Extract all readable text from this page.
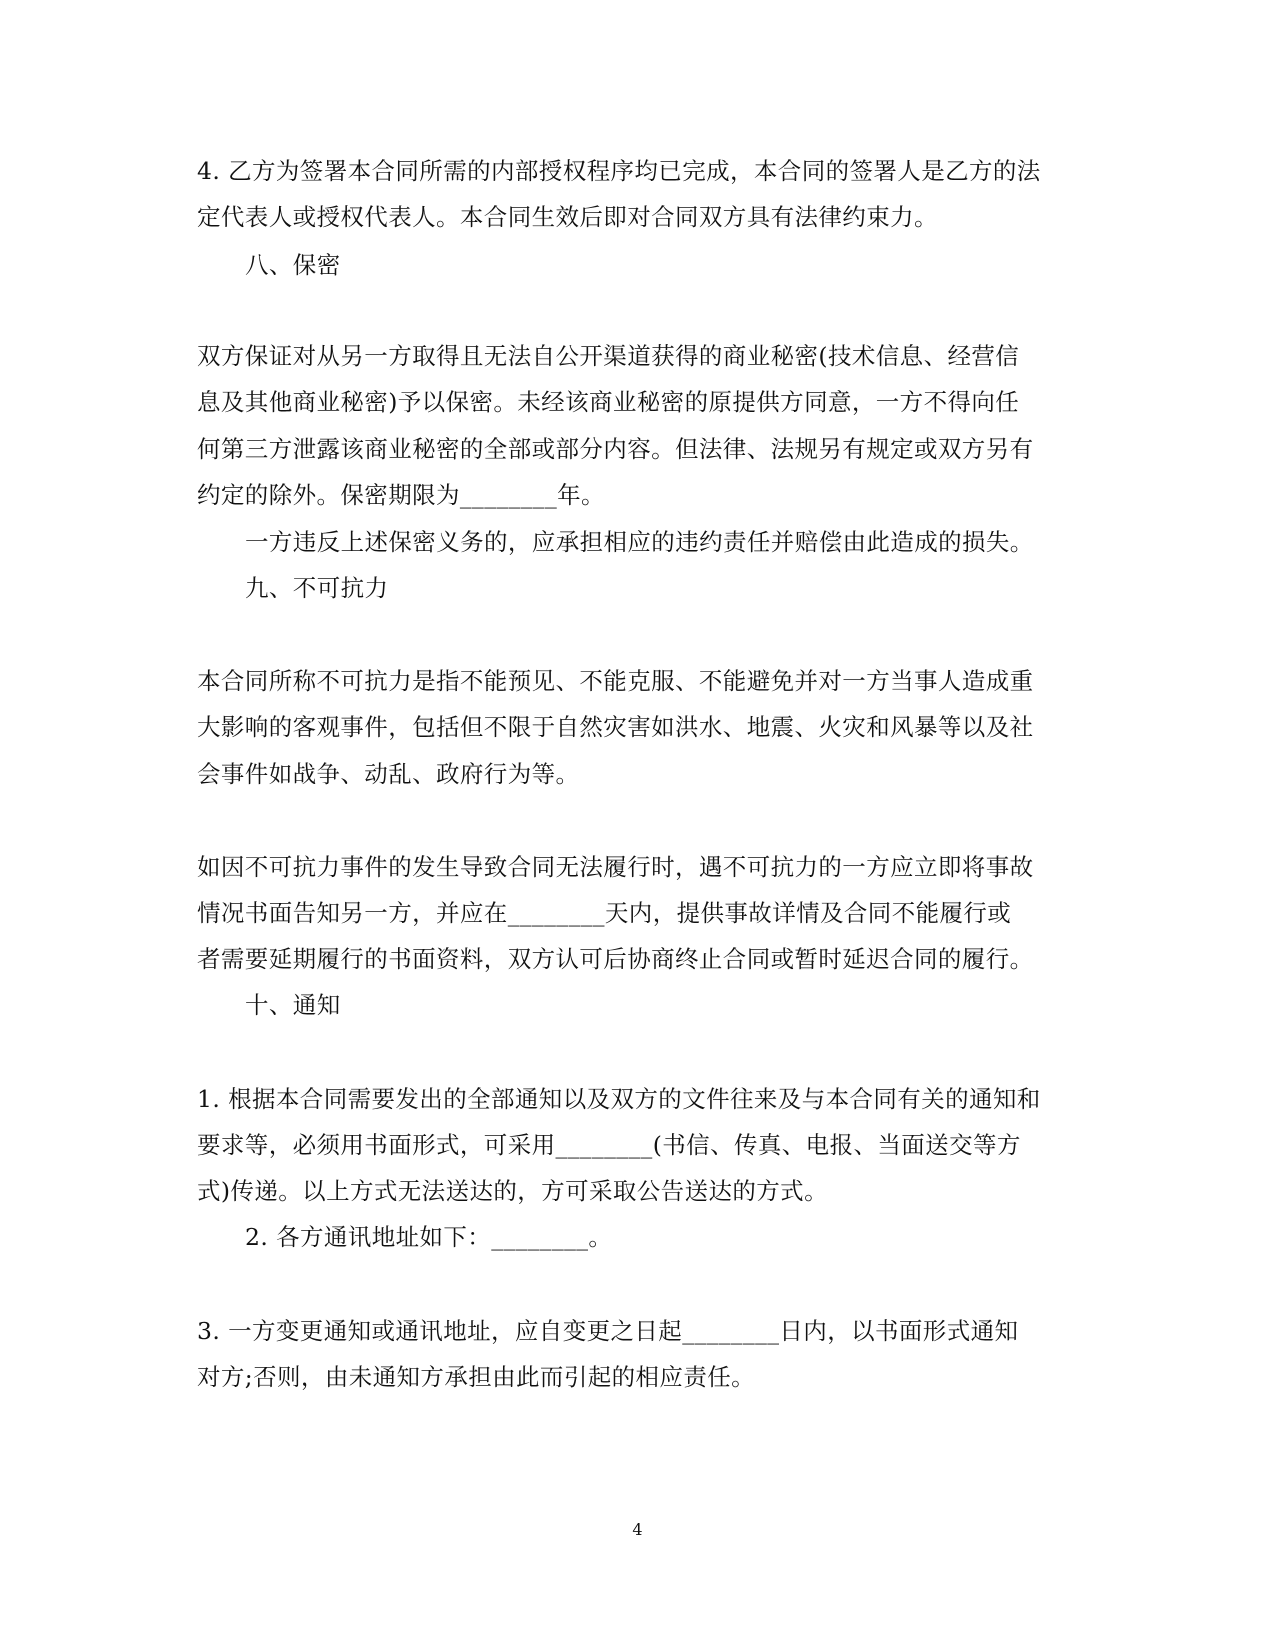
4. 乙方为签署本合同所需的内部授权程序均已完成，本合同的签署人是乙方的法
定代表人或授权代表人。本合同生效后即对合同双方具有法律约束力。
八、保密
双方保证对从另一方取得且无法自公开渠道获得的商业秘密(技术信息、经营信
息及其他商业秘密)予以保密。未经该商业秘密的原提供方同意，一方不得向任
何第三方泄露该商业秘密的全部或部分内容。但法律、法规另有规定或双方另有
约定的除外。保密期限为________年。
一方违反上述保密义务的，应承担相应的违约责任并赔偿由此造成的损失。
九、不可抗力
本合同所称不可抗力是指不能预见、不能克服、不能避免并对一方当事人造成重
大影响的客观事件，包括但不限于自然灾害如洪水、地震、火灾和风暴等以及社
会事件如战争、动乱、政府行为等。
如因不可抗力事件的发生导致合同无法履行时，遇不可抗力的一方应立即将事故
情况书面告知另一方，并应在________天内，提供事故详情及合同不能履行或
者需要延期履行的书面资料，双方认可后协商终止合同或暂时延迟合同的履行。
十、通知
1. 根据本合同需要发出的全部通知以及双方的文件往来及与本合同有关的通知和
要求等，必须用书面形式，可采用________(书信、传真、电报、当面送交等方
式)传递。以上方式无法送达的，方可采取公告送达的方式。
2. 各方通讯地址如下：________。
3. 一方变更通知或通讯地址，应自变更之日起________日内，以书面形式通知
对方;否则，由未通知方承担由此而引起的相应责任。
4
